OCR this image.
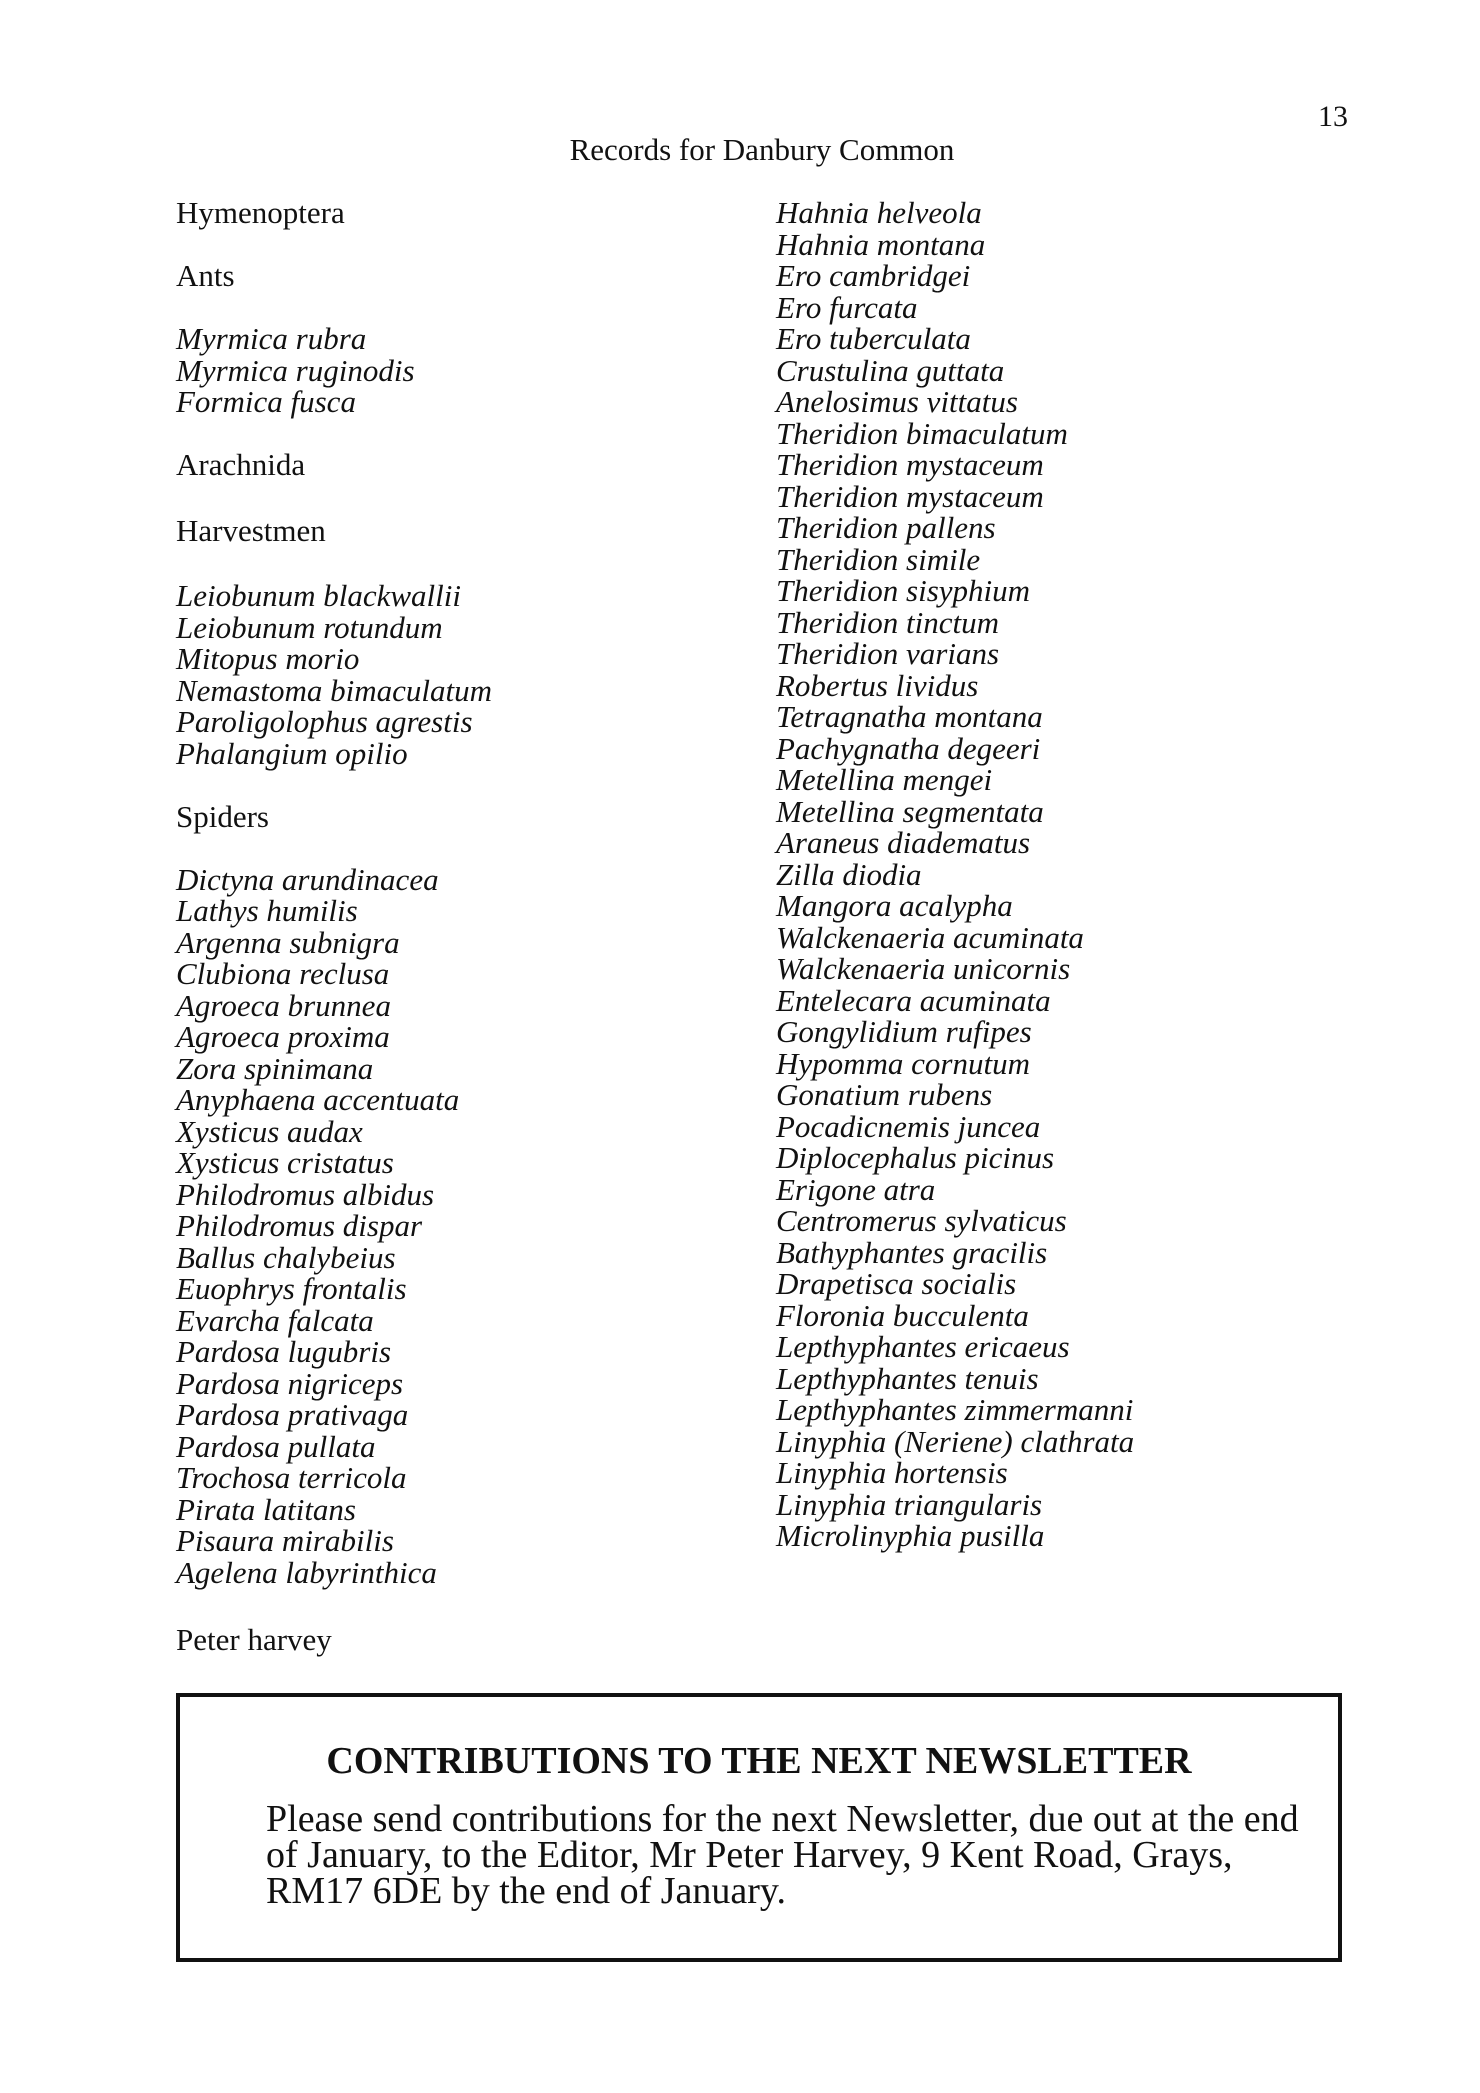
13
Records for Danbury Common
Hymenoptera
Ants
Myrmica rubra
Myrmica ruginodis
Formica fusca
Arachnida
Harvestmen
Leiobunum blackwallii
Leiobunum rotundum
Mitopus morio
Nemastoma bimaculatum
Paroligolophus agrestis
Phalangium opilio
Spiders
Dictyna arundinacea
Lathys humilis
Argenna subnigra
Clubiona reclusa
Agroeca brunnea
Agroeca proxima
Zora spinimana
Anyphaena accentuata
Xysticus audax
Xysticus cristatus
Philodromus albidus
Philodromus dispar
Ballus chalybeius
Euophrys frontalis
Evarcha falcata
Pardosa lugubris
Pardosa nigriceps
Pardosa prativaga
Pardosa pullata
Trochosa terricola
Pirata latitans
Pisaura mirabilis
Agelena labyrinthica
Hahnia helveola
Hahnia montana
Ero cambridgei
Ero furcata
Ero tuberculata
Crustulina guttata
Anelosimus vittatus
Theridion bimaculatum
Theridion mystaceum
Theridion mystaceum
Theridion pallens
Theridion simile
Theridion sisyphium
Theridion tinctum
Theridion varians
Robertus lividus
Tetragnatha montana
Pachygnatha degeeri
Metellina mengei
Metellina segmentata
Araneus diadematus
Zilla diodia
Mangora acalypha
Walckenaeria acuminata
Walckenaeria unicornis
Entelecara acuminata
Gongylidium rufipes
Hypomma cornutum
Gonatium rubens
Pocadicnemis juncea
Diplocephalus picinus
Erigone atra
Centromerus sylvaticus
Bathyphantes gracilis
Drapetisca socialis
Floronia bucculenta
Lepthyphantes ericaeus
Lepthyphantes tenuis
Lepthyphantes zimmermanni
Linyphia (Neriene) clathrata
Linyphia hortensis
Linyphia triangularis
Microlinyphia pusilla
Peter harvey
CONTRIBUTIONS TO THE NEXT NEWSLETTER
Please send contributions for the next Newsletter, due out at the end of January, to the Editor, Mr Peter Harvey, 9 Kent Road, Grays, RM17 6DE by the end of January.
